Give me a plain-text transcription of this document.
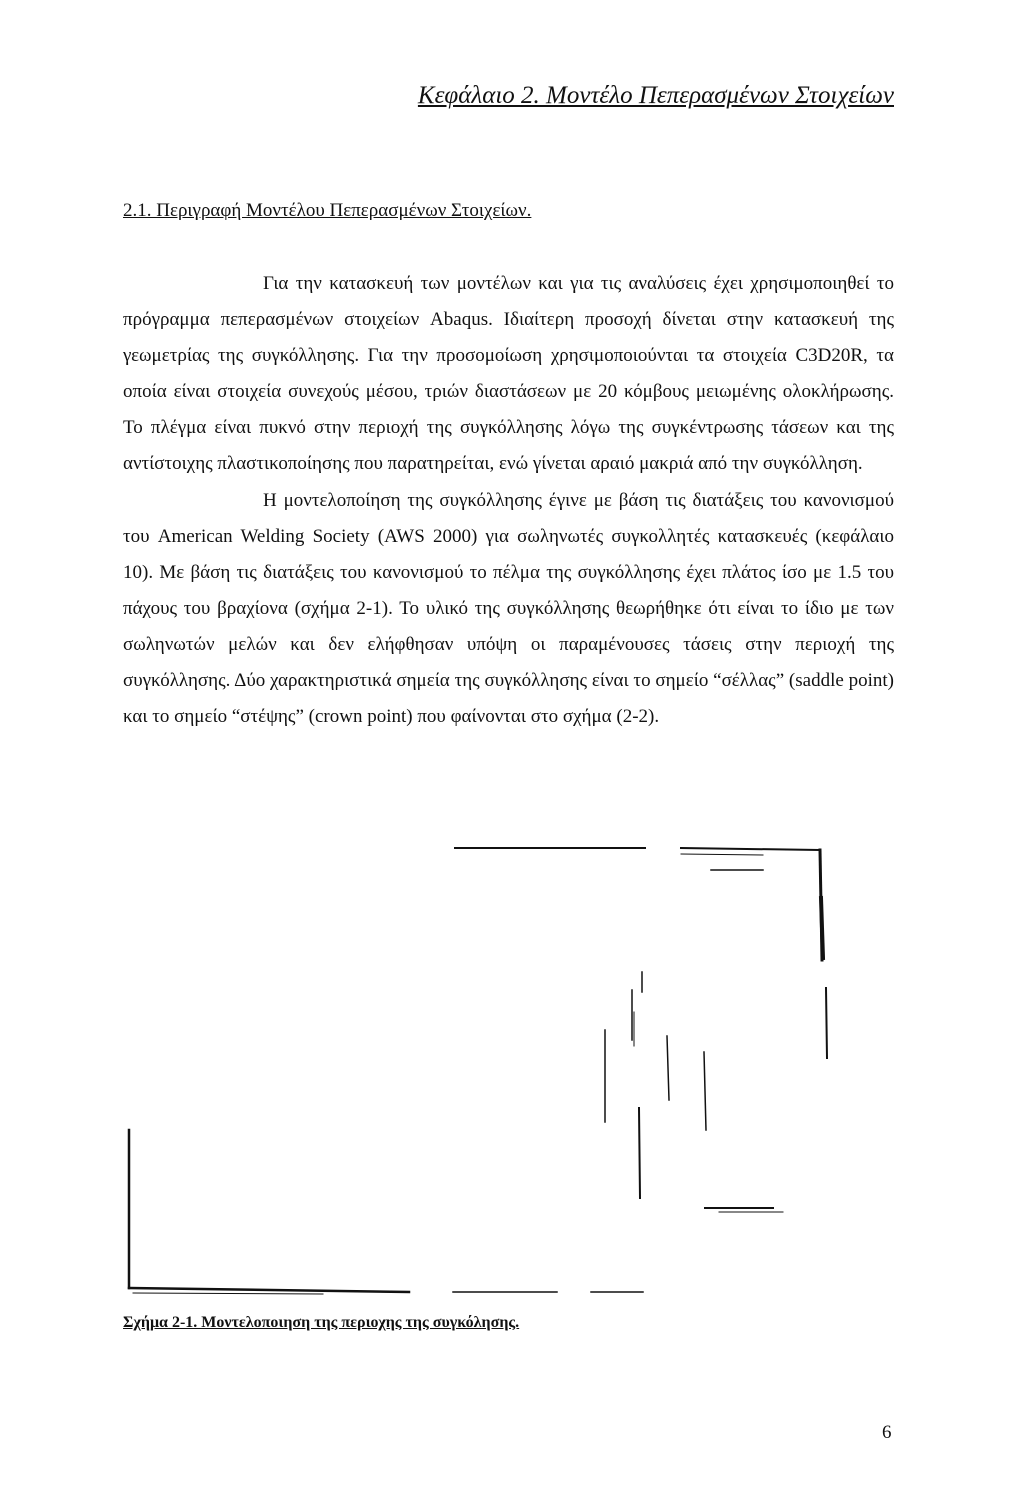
Κεφάλαιο 2. Μοντέλο Πεπερασμένων Στοιχείων
2.1. Περιγραφή Μοντέλου Πεπερασμένων Στοιχείων.

Για την κατασκευή των μοντέλων και για τις αναλύσεις έχει χρησιμοποιηθεί το πρόγραμμα πεπερασμένων στοιχείων Abaqus. Ιδιαίτερη προσοχή δίνεται στην κατασκευή της γεωμετρίας της συγκόλλησης. Για την προσομοίωση χρησιμοποιούνται τα στοιχεία C3D20R, τα οποία είναι στοιχεία συνεχούς μέσου, τριών διαστάσεων με 20 κόμβους μειωμένης ολοκλήρωσης. Το πλέγμα είναι πυκνό στην περιοχή της συγκόλλησης λόγω της συγκέντρωσης τάσεων και της αντίστοιχης πλαστικοποίησης που παρατηρείται, ενώ γίνεται αραιό μακριά από την συγκόλληση.

Η μοντελοποίηση της συγκόλλησης έγινε με βάση τις διατάξεις του κανονισμού του American Welding Society (AWS 2000) για σωληνωτές συγκολλητές κατασκευές (κεφάλαιο 10). Με βάση τις διατάξεις του κανονισμού το πέλμα της συγκόλλησης έχει πλάτος ίσο με 1.5 του πάχους του βραχίονα (σχήμα 2-1). Το υλικό της συγκόλλησης θεωρήθηκε ότι είναι το ίδιο με των σωληνωτών μελών και δεν ελήφθησαν υπόψη οι παραμένουσες τάσεις στην περιοχή της συγκόλλησης. Δύο χαρακτηριστικά σημεία της συγκόλλησης είναι το σημείο “σέλλας” (saddle point) και το σημείο “στέψης” (crown point) που φαίνονται στο σχήμα (2-2).

Σχήμα 2-1. Μοντελοποιηση της περιοχης της συγκόλησης.

6
